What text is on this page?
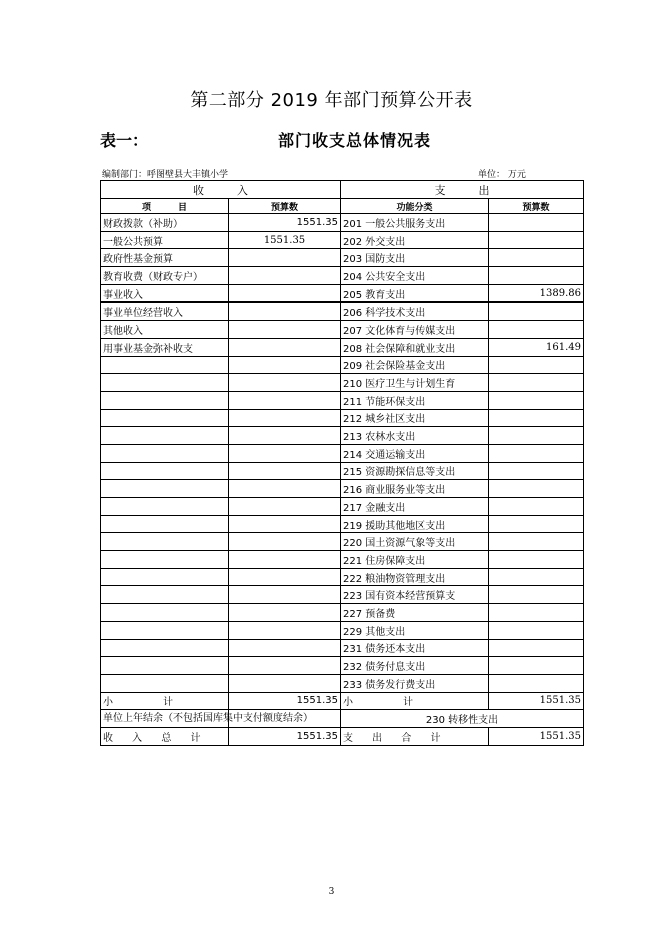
第二部分 2019 年部门预算公开表
表一：	部门收支总体情况表
编制部门：呼图壁县大丰镇小学	单位： 万元
收　　　入		支　　　出	
项　　　目	预算数	功能分类	预算数
财政拨款（补助）	1551.35	201 一般公共服务支出	
一般公共预算	1551.35	202 外交支出	
政府性基金预算		203 国防支出	
教育收费（财政专户）		204 公共安全支出	
事业收入		205 教育支出	1389.86
事业单位经营收入		206 科学技术支出	
其他收入		207 文化体育与传媒支出	
用事业基金弥补收支		208 社会保障和就业支出	161.49
		209 社会保险基金支出	
		210 医疗卫生与计划生育	
		211 节能环保支出	
		212 城乡社区支出	
		213 农林水支出	
		214 交通运输支出	
		215 资源勘探信息等支出	
		216 商业服务业等支出	
		217 金融支出	
		219 援助其他地区支出	
		220 国土资源气象等支出	
		221 住房保障支出	
		222 粮油物资管理支出	
		223 国有资本经营预算支	
		227 预备费	
		229 其他支出	
		231 债务还本支出	
		232 债务付息支出	
		233 债务发行费支出	
小　　　　　计	1551.35	小　　　　　计	1551.35
单位上年结余（不包括国库集中支付额度结余）		230 转移性支出	
收 入 总 计	1551.35	支 出 合 计	1551.35
3
